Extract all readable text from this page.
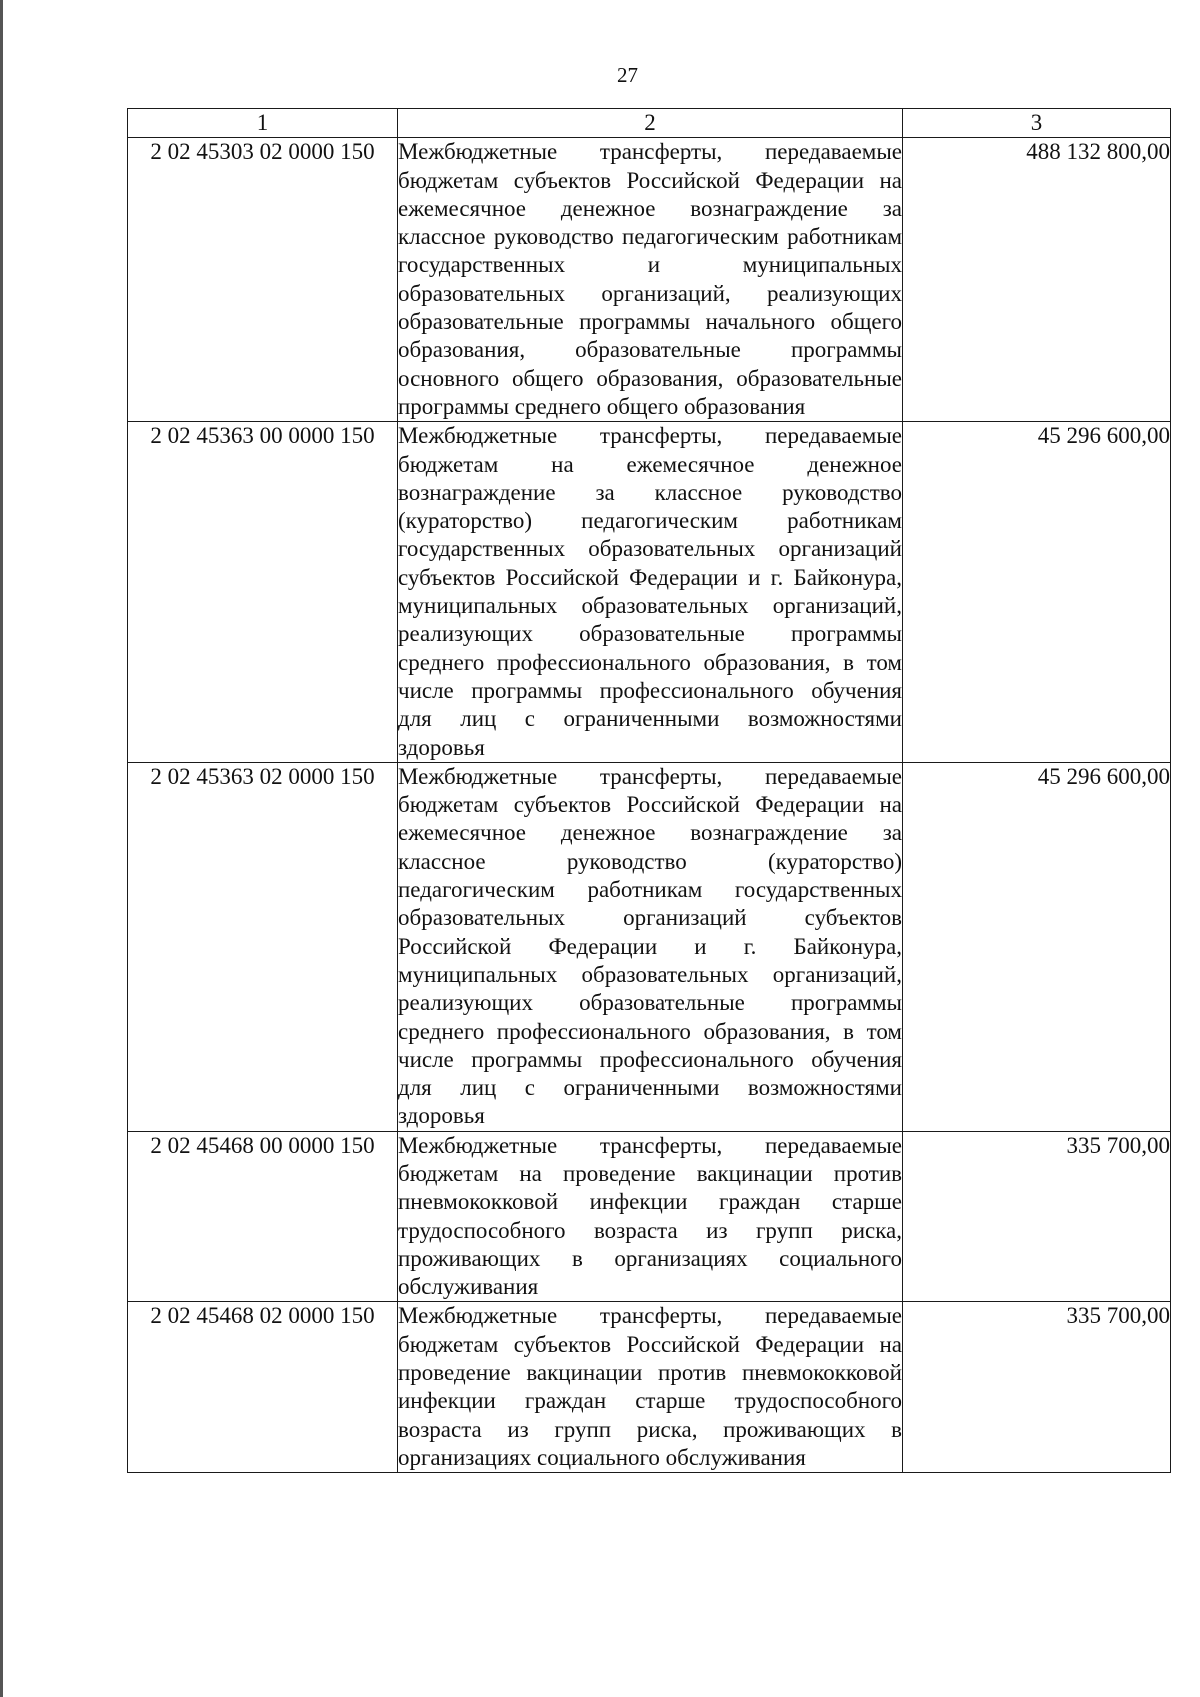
27
1	2	3
2 02 45303 02 0000 150	Межбюджетные трансферты, передаваемые бюджетам субъектов Российской Федерации на ежемесячное денежное вознаграждение за классное руководство педагогическим работникам государственных и муниципальных образовательных организаций, реализующих образовательные программы начального общего образования, образовательные программы основного общего образования, образовательные программы среднего общего образования	488 132 800,00
2 02 45363 00 0000 150	Межбюджетные трансферты, передаваемые бюджетам на ежемесячное денежное вознаграждение за классное руководство (кураторство) педагогическим работникам государственных образовательных организаций субъектов Российской Федерации и г. Байконура, муниципальных образовательных организаций, реализующих образовательные программы среднего профессионального образования, в том числе программы профессионального обучения для лиц с ограниченными возможностями здоровья	45 296 600,00
2 02 45363 02 0000 150	Межбюджетные трансферты, передаваемые бюджетам субъектов Российской Федерации на ежемесячное денежное вознаграждение за классное руководство (кураторство) педагогическим работникам государственных образовательных организаций субъектов Российской Федерации и г. Байконура, муниципальных образовательных организаций, реализующих образовательные программы среднего профессионального образования, в том числе программы профессионального обучения для лиц с ограниченными возможностями здоровья	45 296 600,00
2 02 45468 00 0000 150	Межбюджетные трансферты, передаваемые бюджетам на проведение вакцинации против пневмококковой инфекции граждан старше трудоспособного возраста из групп риска, проживающих в организациях социального обслуживания	335 700,00
2 02 45468 02 0000 150	Межбюджетные трансферты, передаваемые бюджетам субъектов Российской Федерации на проведение вакцинации против пневмококковой инфекции граждан старше трудоспособного возраста из групп риска, проживающих в организациях социального обслуживания	335 700,00
